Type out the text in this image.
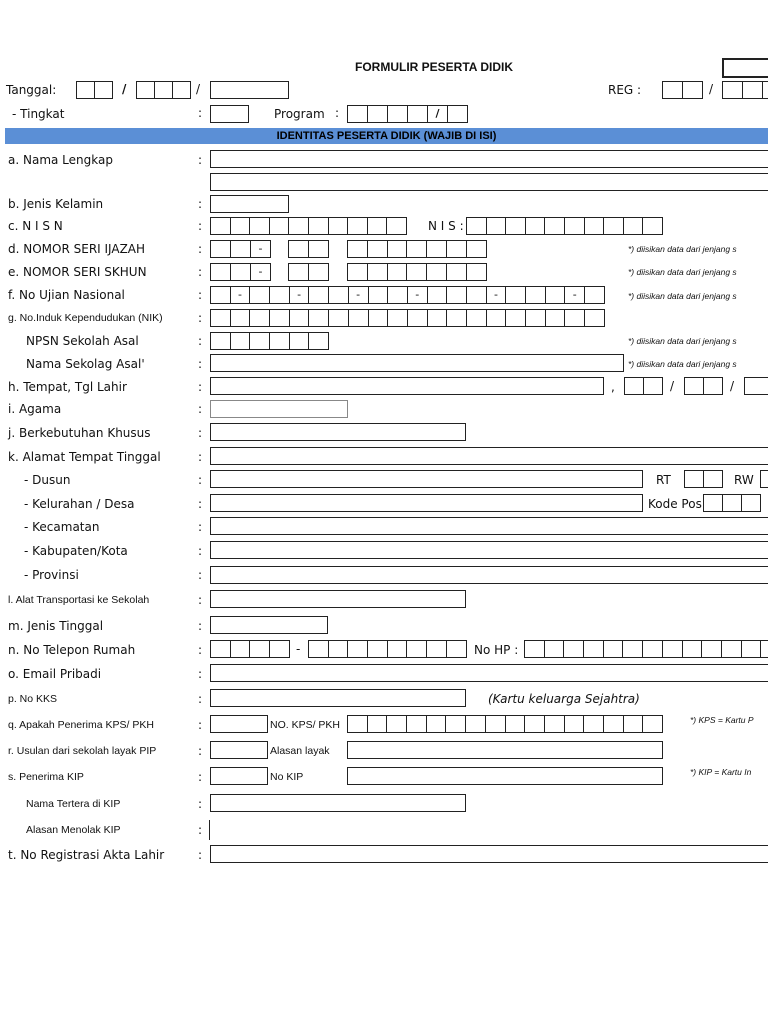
FORMULIR PESERTA DIDIK
Tanggal:	/	/	REG :	/
- Tingkat	:	Program :	/
IDENTITAS PESERTA DIDIK (WAJIB DI ISI)
a. Nama Lengkap	:
b. Jenis Kelamin	:
c. N I S N	:	N I S :
d. NOMOR SERI IJAZAH	:	-	*) diisikan data dari jenjang s
e. NOMOR SERI SKHUN	:	-	*) diisikan data dari jenjang s
f. No Ujian Nasional	:	-	-	-	-	-	-	*) diisikan data dari jenjang s
g. No.Induk Kependudukan (NIK)	:
NPSN Sekolah Asal	:	*) diisikan data dari jenjang s
Nama Sekolag Asal'	:	*) diisikan data dari jenjang s
h. Tempat, Tgl Lahir	:	,	/	/
i. Agama	:
j. Berkebutuhan Khusus	:
k. Alamat Tempat Tinggal	:
- Dusun	:	RT	RW
- Kelurahan / Desa	:	Kode Pos
- Kecamatan	:
- Kabupaten/Kota	:
- Provinsi	:
l. Alat Transportasi ke Sekolah	:
m. Jenis Tinggal	:
n. No Telepon Rumah	:	-	No HP :
o. Email Pribadi	:
p. No KKS	:	(Kartu keluarga Sejahtra)
q. Apakah Penerima KPS/ PKH	:	NO. KPS/ PKH	*) KPS = Kartu P
r. Usulan dari sekolah layak PIP	:	Alasan layak
s. Penerima KIP	:	No KIP	*) KIP = Kartu In
Nama Tertera di KIP	:
Alasan Menolak KIP	:
t. No Registrasi Akta Lahir	:
